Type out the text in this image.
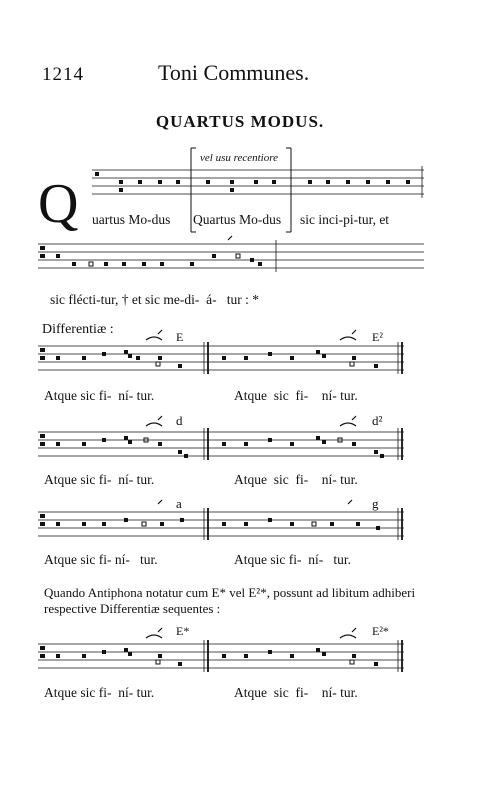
1214	Toni Communes.
QUARTUS MODUS.
vel usu recentiore
Q uartus Mo-dus Quartus Mo-dus sic inci-pi-tur, et
sic flécti-tur, † et sic me-di-  á-   tur : *
Differentiæ :	E	E²
Atque sic fi-  ní- tur.	Atque  sic  fi-    ní- tur.
d	d²
Atque sic fi-  ní- tur.	Atque  sic  fi-    ní- tur.
a	g
Atque sic fi- ní-   tur.	Atque sic fi-  ní-   tur.
Quando Antiphona notatur cum E* vel E²*, possunt ad libitum adhiberi respective Differentiæ sequentes :
E*	E²*
Atque sic fi-  ní- tur.	Atque  sic  fi-    ní- tur.
